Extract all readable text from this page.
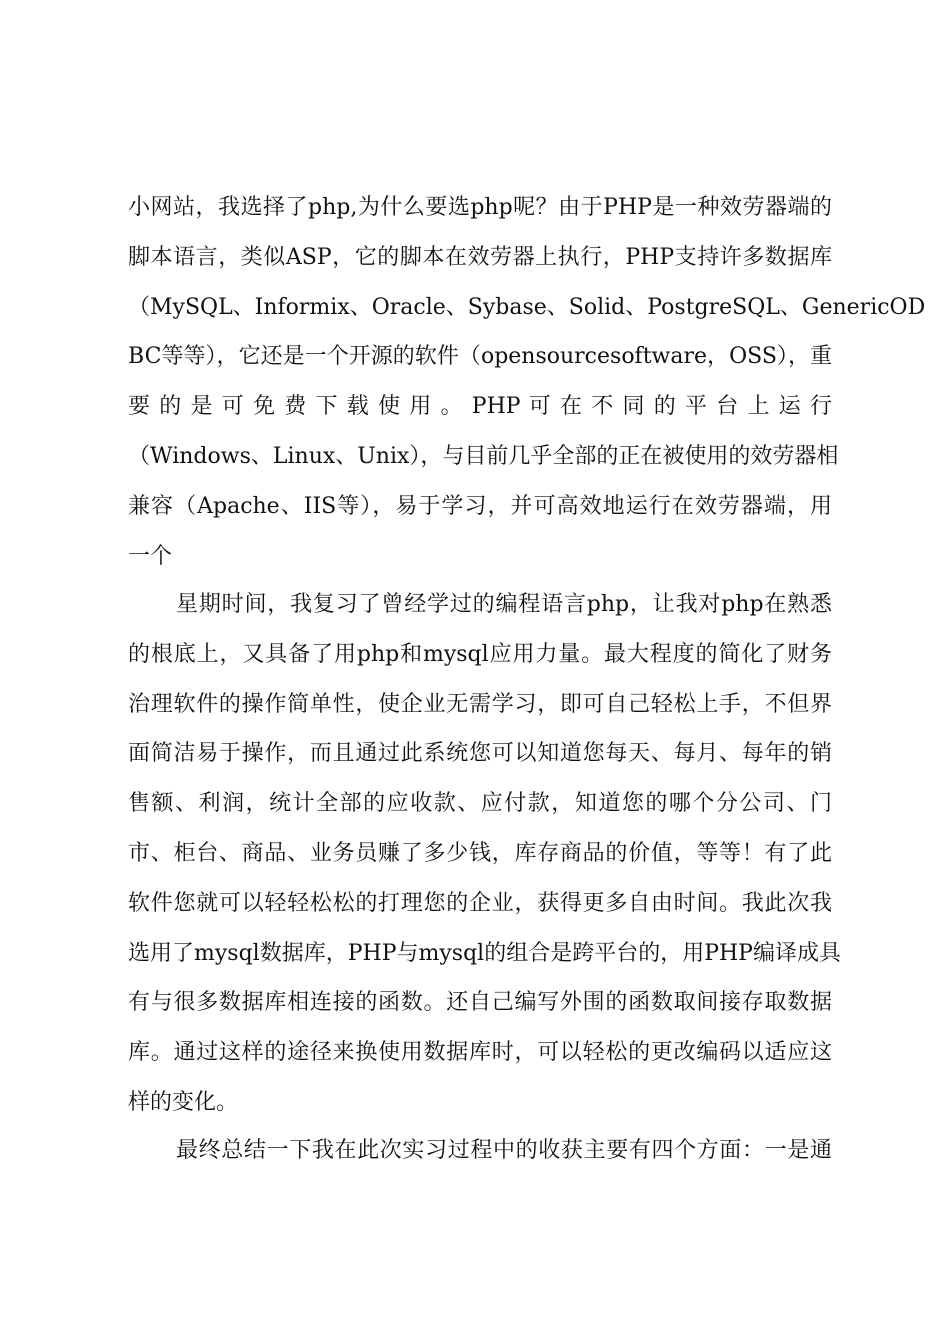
小网站，我选择了php,为什么要选php呢？由于PHP是一种效劳器端的
脚本语言，类似ASP，它的脚本在效劳器上执行，PHP支持许多数据库
（MySQL、Informix、Oracle、Sybase、Solid、PostgreSQL、GenericOD
BC等等），它还是一个开源的软件（opensourcesoftware，OSS），重
要 的 是 可 免 费 下 载 使 用 。 PHP 可 在 不 同 的 平 台 上 运 行
（Windows、Linux、Unix），与目前几乎全部的正在被使用的效劳器相
兼容（Apache、IIS等），易于学习，并可高效地运行在效劳器端，用
一个
星期时间，我复习了曾经学过的编程语言php，让我对php在熟悉
的根底上，又具备了用php和mysql应用力量。最大程度的简化了财务
治理软件的操作简单性，使企业无需学习，即可自己轻松上手，不但界
面简洁易于操作，而且通过此系统您可以知道您每天、每月、每年的销
售额、利润，统计全部的应收款、应付款，知道您的哪个分公司、门
市、柜台、商品、业务员赚了多少钱，库存商品的价值，等等！有了此
软件您就可以轻轻松松的打理您的企业，获得更多自由时间。我此次我
选用了mysql数据库，PHP与mysql的组合是跨平台的，用PHP编译成具
有与很多数据库相连接的函数。还自己编写外围的函数取间接存取数据
库。通过这样的途径来换使用数据库时，可以轻松的更改编码以适应这
样的变化。
最终总结一下我在此次实习过程中的收获主要有四个方面：一是通
